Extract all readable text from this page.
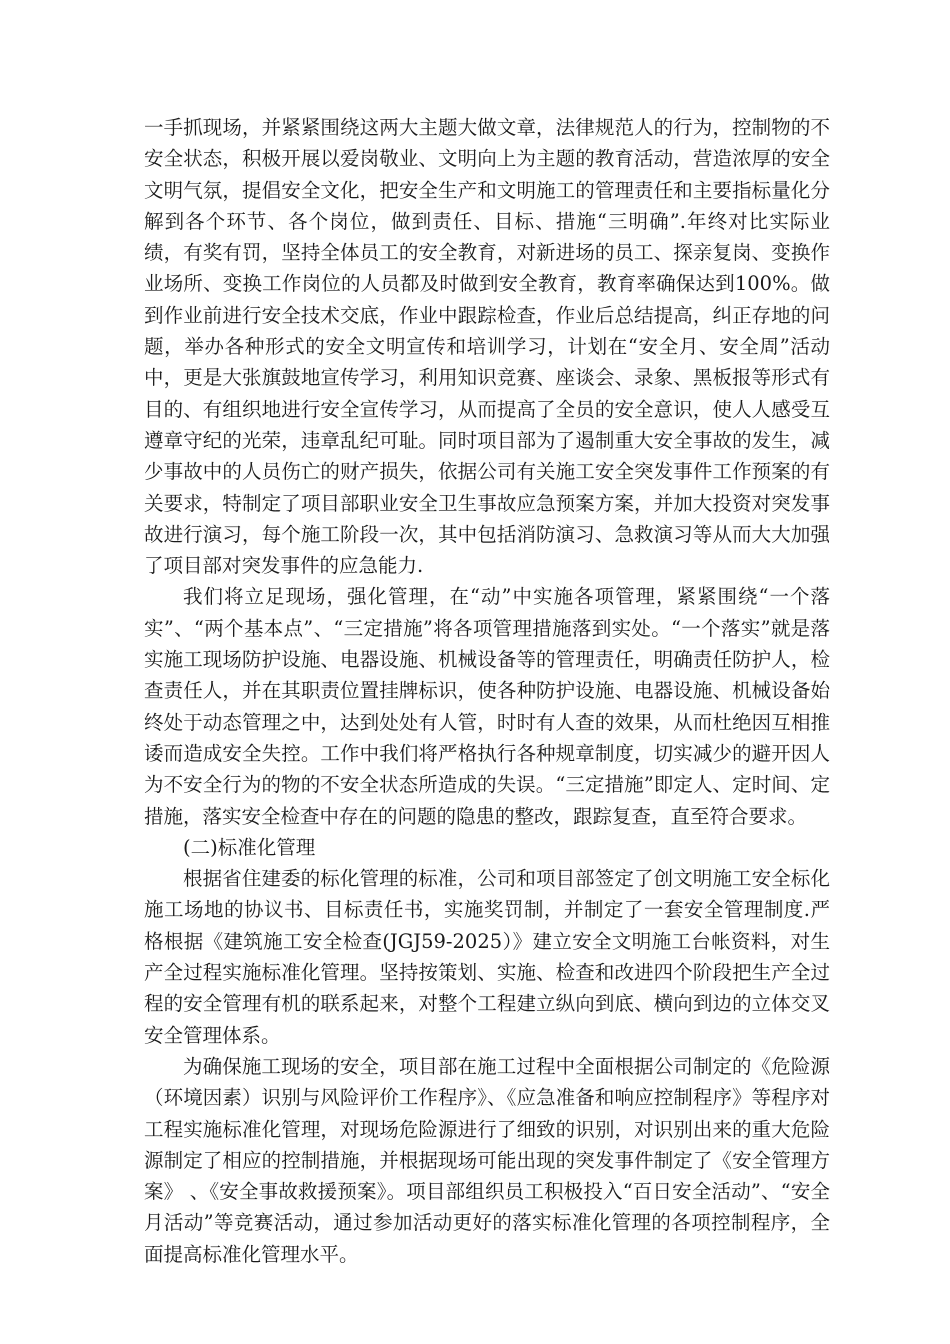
一手抓现场，并紧紧围绕这两大主题大做文章，法律规范人的行为，控制物的不安全状态，积极开展以爱岗敬业、文明向上为主题的教育活动，营造浓厚的安全文明气氛，提倡安全文化，把安全生产和文明施工的管理责任和主要指标量化分解到各个环节、各个岗位，做到责任、目标、措施“三明确”.年终对比实际业绩，有奖有罚，坚持全体员工的安全教育，对新进场的员工、探亲复岗、变换作业场所、变换工作岗位的人员都及时做到安全教育，教育率确保达到100%。做到作业前进行安全技术交底，作业中跟踪检查，作业后总结提高，纠正存地的问题，举办各种形式的安全文明宣传和培训学习，计划在“安全月、安全周”活动中，更是大张旗鼓地宣传学习，利用知识竞赛、座谈会、录象、黑板报等形式有目的、有组织地进行安全宣传学习，从而提高了全员的安全意识，使人人感受互遵章守纪的光荣，违章乱纪可耻。同时项目部为了遏制重大安全事故的发生，减少事故中的人员伤亡的财产损失，依据公司有关施工安全突发事件工作预案的有关要求，特制定了项目部职业安全卫生事故应急预案方案，并加大投资对突发事故进行演习，每个施工阶段一次，其中包括消防演习、急救演习等从而大大加强了项目部对突发事件的应急能力.

我们将立足现场，强化管理，在“动”中实施各项管理，紧紧围绕“一个落实”、“两个基本点”、“三定措施”将各项管理措施落到实处。“一个落实”就是落实施工现场防护设施、电器设施、机械设备等的管理责任，明确责任防护人，检查责任人，并在其职责位置挂牌标识，使各种防护设施、电器设施、机械设备始终处于动态管理之中，达到处处有人管，时时有人查的效果，从而杜绝因互相推诿而造成安全失控。工作中我们将严格执行各种规章制度，切实减少的避开因人为不安全行为的物的不安全状态所造成的失误。“三定措施”即定人、定时间、定措施，落实安全检查中存在的问题的隐患的整改，跟踪复查，直至符合要求。

(二)标准化管理

根据省住建委的标化管理的标准，公司和项目部签定了创文明施工安全标化施工场地的协议书、目标责任书，实施奖罚制，并制定了一套安全管理制度.严格根据《建筑施工安全检查(JGJ59-2025）》建立安全文明施工台帐资料，对生产全过程实施标准化管理。坚持按策划、实施、检查和改进四个阶段把生产全过程的安全管理有机的联系起来，对整个工程建立纵向到底、横向到边的立体交叉安全管理体系。

为确保施工现场的安全，项目部在施工过程中全面根据公司制定的《危险源（环境因素）识别与风险评价工作程序》、《应急准备和响应控制程序》等程序对工程实施标准化管理，对现场危险源进行了细致的识别，对识别出来的重大危险源制定了相应的控制措施，并根据现场可能出现的突发事件制定了《安全管理方案》 、《安全事故救援预案》。项目部组织员工积极投入“百日安全活动”、“安全月活动”等竞赛活动，通过参加活动更好的落实标准化管理的各项控制程序，全面提高标准化管理水平。
